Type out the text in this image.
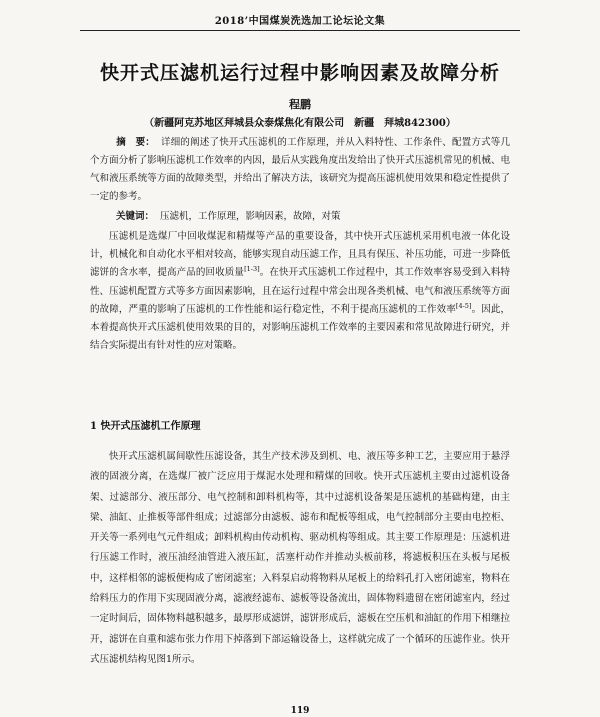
2018’中国煤炭洗选加工论坛论文集
快开式压滤机运行过程中影响因素及故障分析
程鹏
（新疆阿克苏地区拜城县众泰煤焦化有限公司　新疆　拜城842300）
摘　要： 详细的阐述了快开式压滤机的工作原理，并从入料特性、工作条件、配置方式等几个方面分析了影响压滤机工作效率的内因，最后从实践角度出发给出了快开式压滤机常见的机械、电气和液压系统等方面的故障类型，并给出了解决方法，该研究为提高压滤机使用效果和稳定性提供了一定的参考。
关键词： 压滤机，工作原理，影响因素，故障，对策

压滤机是选煤厂中回收煤泥和精煤等产品的重要设备，其中快开式压滤机采用机电液一体化设计，机械化和自动化水平相对较高，能够实现自动压滤工作，且具有保压、补压功能，可进一步降低滤饼的含水率，提高产品的回收质量[1-3]。在快开式压滤机工作过程中，其工作效率容易受到入料特性、压滤机配置方式等多方面因素影响，且在运行过程中常会出现各类机械、电气和液压系统等方面的故障，严重的影响了压滤机的工作性能和运行稳定性，不利于提高压滤机的工作效率[4-5]。因此，本着提高快开式压滤机使用效果的目的，对影响压滤机工作效率的主要因素和常见故障进行研究，并结合实际提出有针对性的应对策略。

1 快开式压滤机工作原理

快开式压滤机属间歇性压滤设备，其生产技术涉及到机、电、液压等多种工艺，主要应用于悬浮液的固液分离，在选煤厂被广泛应用于煤泥水处理和精煤的回收。快开式压滤机主要由过滤机设备架、过滤部分、液压部分、电气控制和卸料机构等，其中过滤机设备架是压滤机的基础构建，由主梁、油缸、止推板等部件组成；过滤部分由滤板、滤布和配板等组成，电气控制部分主要由电控柜、开关等一系列电气元件组成；卸料机构由传动机构、驱动机构等组成。其主要工作原理是：压滤机进行压滤工作时，液压油经油管进入液压缸，活塞杆动作并推动头板前移，将滤板积压在头板与尾板中，这样相邻的滤板便构成了密闭滤室；入料泵启动将物料从尾板上的给料孔打入密闭滤室，物料在给料压力的作用下实现固液分离，滤液经滤布、滤板等设备流出，固体物料遗留在密闭滤室内，经过一定时间后，固体物料越积越多，最厚形成滤饼，滤饼形成后，滤板在空压机和油缸的作用下相继拉开，滤饼在自重和滤布张力作用下掉落到下部运输设备上，这样就完成了一个循环的压滤作业。快开式压滤机结构见图1所示。

119
